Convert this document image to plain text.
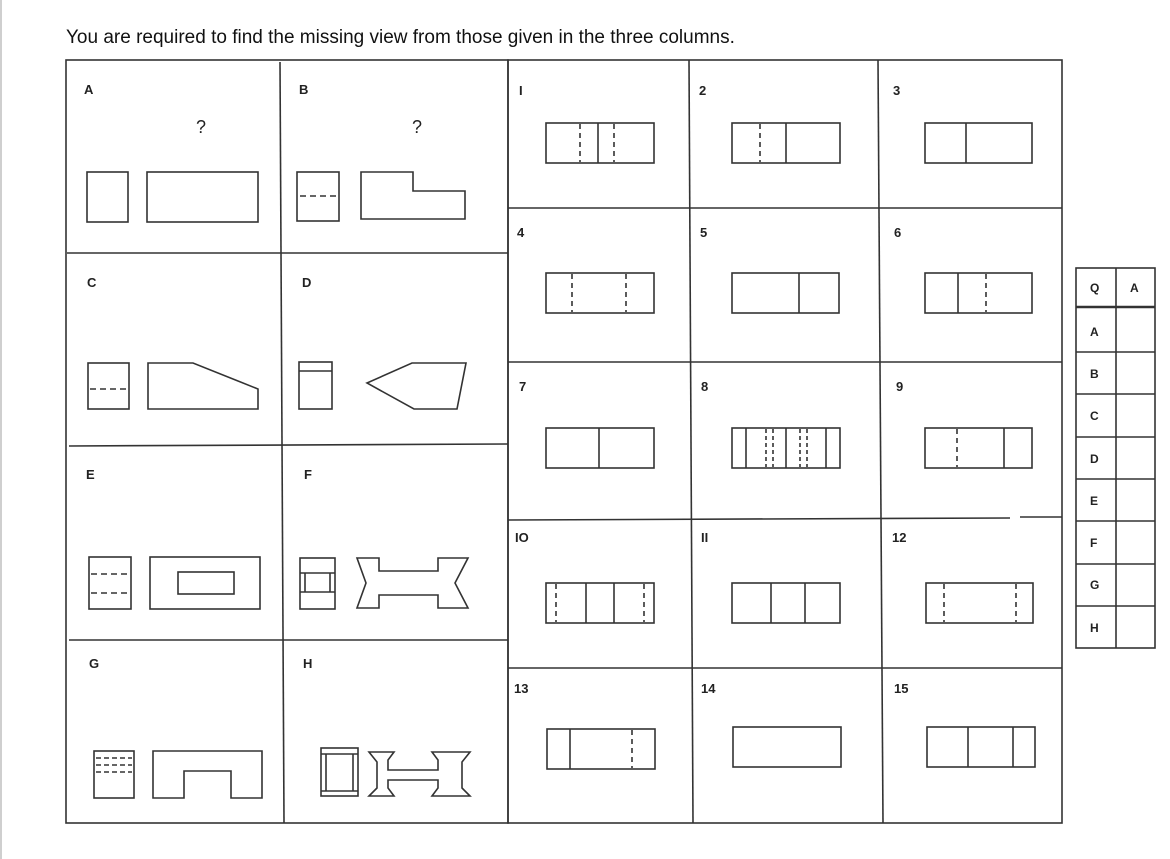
You are required to find the missing view from those given in the three columns.
A	B
C	D
E	F
G	H
?	?
I	2	3
4	5	6
7	8	9
IO	II	12
13	14	15
Q	A
A
B
C
D
E
F
G
H
